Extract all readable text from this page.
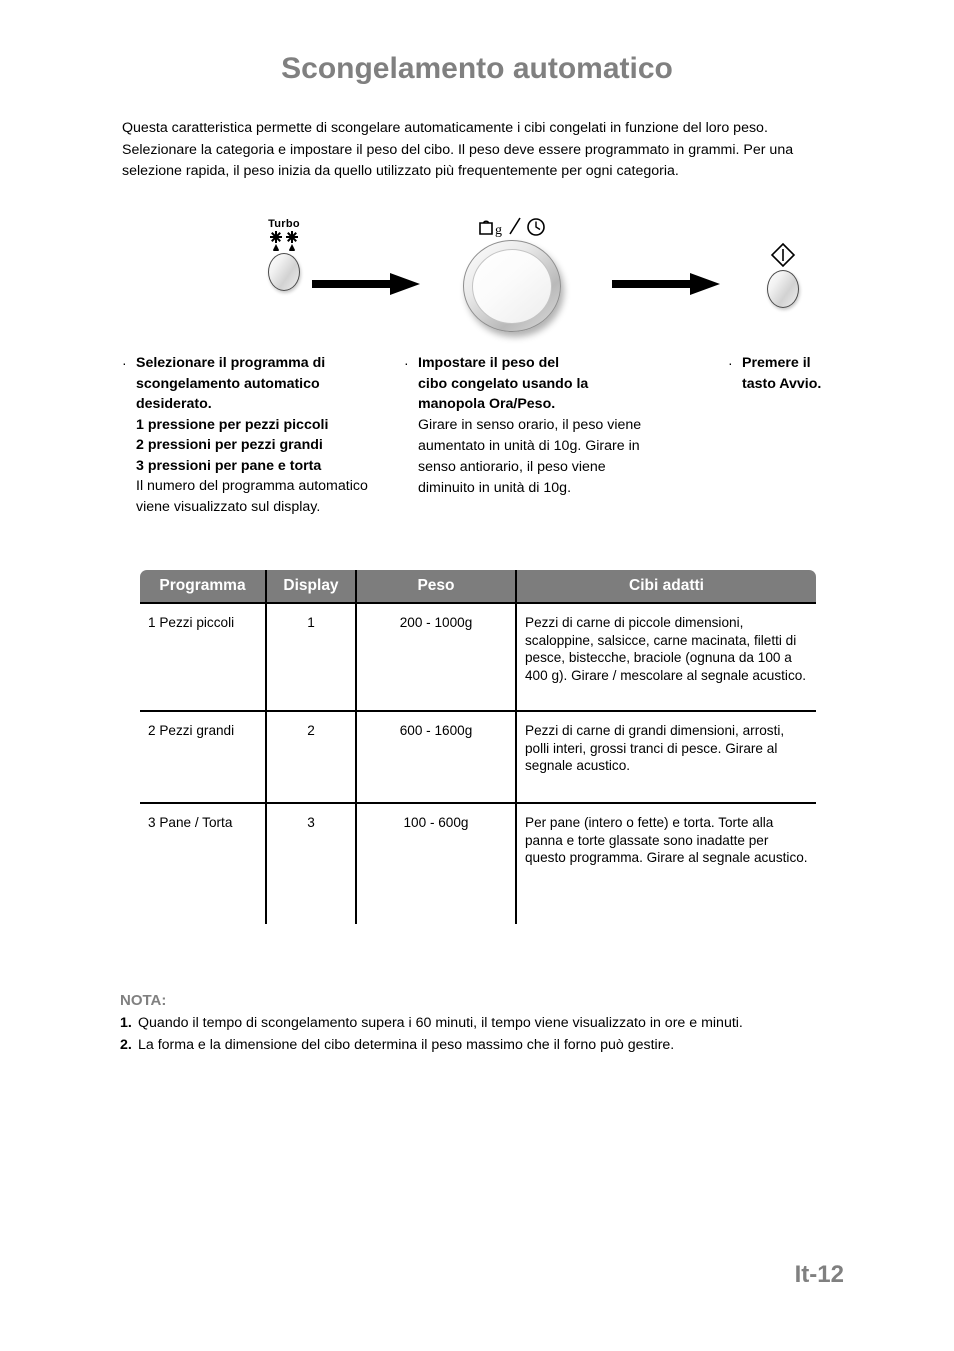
Scongelamento automatico
Questa caratteristica permette di scongelare automaticamente i cibi congelati in funzione del loro peso. Selezionare la categoria e impostare il peso del cibo. Il peso deve essere programmato in grammi. Per una selezione rapida, il peso inizia da quello utilizzato più frequentemente per ogni categoria.
Turbo	g
· Selezionare il programma di
scongelamento automatico
desiderato.
1 pressione per pezzi piccoli
2 pressioni per pezzi grandi
3 pressioni per pane e torta
Il numero del programma automatico viene visualizzato sul display.
· Impostare il peso del
cibo congelato usando la
manopola Ora/Peso.
Girare in senso orario, il peso viene aumentato in unità di 10g. Girare in senso antiorario, il peso viene diminuito in unità di 10g.
· Premere il
tasto Avvio.
Programma	Display	Peso	Cibi adatti
1 Pezzi piccoli	1	200 - 1000g	Pezzi di carne di piccole dimensioni, scaloppine, salsicce, carne macinata, filetti di pesce, bistecche, braciole (ognuna da 100 a 400 g). Girare / mescolare al segnale acustico.
2 Pezzi grandi	2	600 - 1600g	Pezzi di carne di grandi dimensioni, arrosti, polli interi, grossi tranci di pesce. Girare al segnale acustico.
3 Pane / Torta	3	100 - 600g	Per pane (intero o fette) e torta. Torte alla panna e torte glassate sono inadatte per questo programma. Girare al segnale acustico.
NOTA:
1. Quando il tempo di scongelamento supera i 60 minuti, il tempo viene visualizzato in ore e minuti.
2. La forma e la dimensione del cibo determina il peso massimo che il forno può gestire.
It-12
